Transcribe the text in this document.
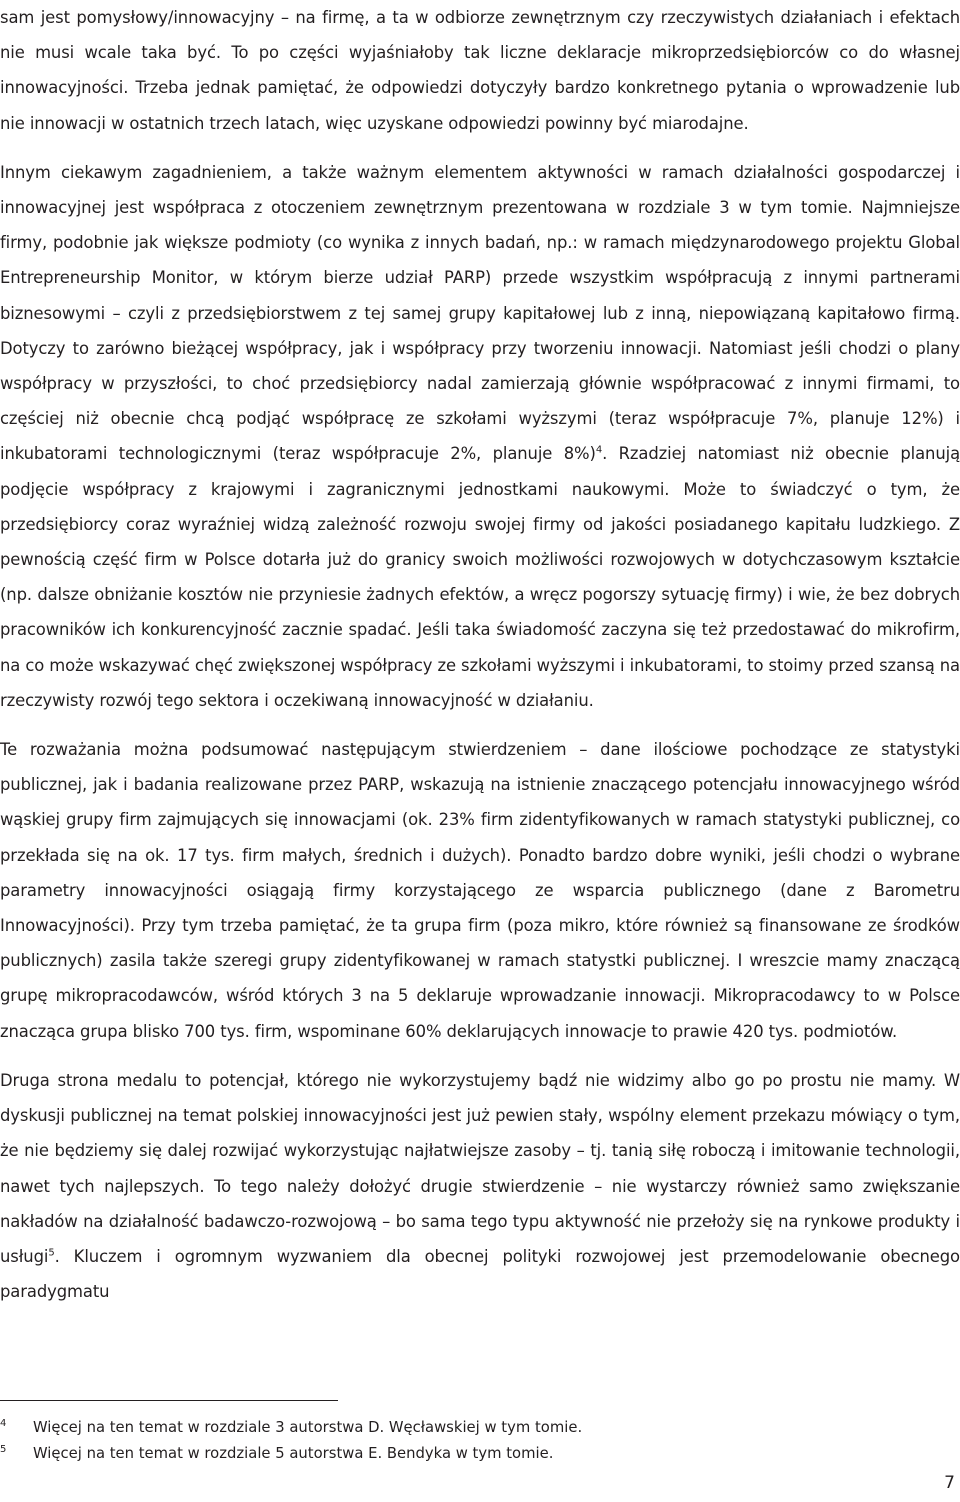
sam jest pomysłowy/innowacyjny – na firmę, a ta w odbiorze zewnętrznym czy rzeczywistych działaniach i efektach nie musi wcale taka być. To po części wyjaśniałoby tak liczne deklaracje mikroprzedsiębiorców co do własnej innowacyjności. Trzeba jednak pamiętać, że odpowiedzi dotyczyły bardzo konkretnego pytania o wprowadzenie lub nie innowacji w ostatnich trzech latach, więc uzyskane odpowiedzi powinny być miarodajne.

Innym ciekawym zagadnieniem, a także ważnym elementem aktywności w ramach działalności gospodarczej i innowacyjnej jest współpraca z otoczeniem zewnętrznym prezentowana w rozdziale 3 w tym tomie. Najmniejsze firmy, podobnie jak większe podmioty (co wynika z innych badań, np.: w ramach międzynarodowego projektu Global Entrepreneurship Monitor, w którym bierze udział PARP) przede wszystkim współpracują z innymi partnerami biznesowymi – czyli z przedsiębiorstwem z tej samej grupy kapitałowej lub z inną, niepowiązaną kapitałowo firmą. Dotyczy to zarówno bieżącej współpracy, jak i współpracy przy tworzeniu innowacji. Natomiast jeśli chodzi o plany współpracy w przyszłości, to choć przedsiębiorcy nadal zamierzają głównie współpracować z innymi firmami, to częściej niż obecnie chcą podjąć współpracę ze szkołami wyższymi (teraz współpracuje 7%, planuje 12%) i inkubatorami technologicznymi (teraz współpracuje 2%, planuje 8%)$^4$. Rzadziej natomiast niż obecnie planują podjęcie współpracy z krajowymi i zagranicznymi jednostkami naukowymi. Może to świadczyć o tym, że przedsiębiorcy coraz wyraźniej widzą zależność rozwoju swojej firmy od jakości posiadanego kapitału ludzkiego. Z pewnością część firm w Polsce dotarła już do granicy swoich możliwości rozwojowych w dotychczasowym kształcie (np. dalsze obniżanie kosztów nie przyniesie żadnych efektów, a wręcz pogorszy sytuację firmy) i wie, że bez dobrych pracowników ich konkurencyjność zacznie spadać. Jeśli taka świadomość zaczyna się też przedostawać do mikrofirm, na co może wskazywać chęć zwiększonej współpracy ze szkołami wyższymi i inkubatorami, to stoimy przed szansą na rzeczywisty rozwój tego sektora i oczekiwaną innowacyjność w działaniu.

Te rozważania można podsumować następującym stwierdzeniem – dane ilościowe pochodzące ze statystyki publicznej, jak i badania realizowane przez PARP, wskazują na istnienie znaczącego potencjału innowacyjnego wśród wąskiej grupy firm zajmujących się innowacjami (ok. 23% firm zidentyfikowanych w ramach statystyki publicznej, co przekłada się na ok. 17 tys. firm małych, średnich i dużych). Ponadto bardzo dobre wyniki, jeśli chodzi o wybrane parametry innowacyjności osiągają firmy korzystającego ze wsparcia publicznego (dane z Barometru Innowacyjności). Przy tym trzeba pamiętać, że ta grupa firm (poza mikro, które również są finansowane ze środków publicznych) zasila także szeregi grupy zidentyfikowanej w ramach statystki publicznej. I wreszcie mamy znaczącą grupę mikropracodawców, wśród których 3 na 5 deklaruje wprowadzanie innowacji. Mikropracodawcy to w Polsce znacząca grupa blisko 700 tys. firm, wspominane 60% deklarujących innowacje to prawie 420 tys. podmiotów.

Druga strona medalu to potencjał, którego nie wykorzystujemy bądź nie widzimy albo go po prostu nie mamy. W dyskusji publicznej na temat polskiej innowacyjności jest już pewien stały, wspólny element przekazu mówiący o tym, że nie będziemy się dalej rozwijać wykorzystując najłatwiejsze zasoby – tj. tanią siłę roboczą i imitowanie technologii, nawet tych najlepszych. To tego należy dołożyć drugie stwierdzenie – nie wystarczy również samo zwiększanie nakładów na działalność badawczo-rozwojową – bo sama tego typu aktywność nie przełoży się na rynkowe produkty i usługi$^5$. Kluczem i ogromnym wyzwaniem dla obecnej polityki rozwojowej jest przemodelowanie obecnego paradygmatu

4 Więcej na ten temat w rozdziale 3 autorstwa D. Węcławskiej w tym tomie.

5 Więcej na ten temat w rozdziale 5 autorstwa E. Bendyka w tym tomie.

7
